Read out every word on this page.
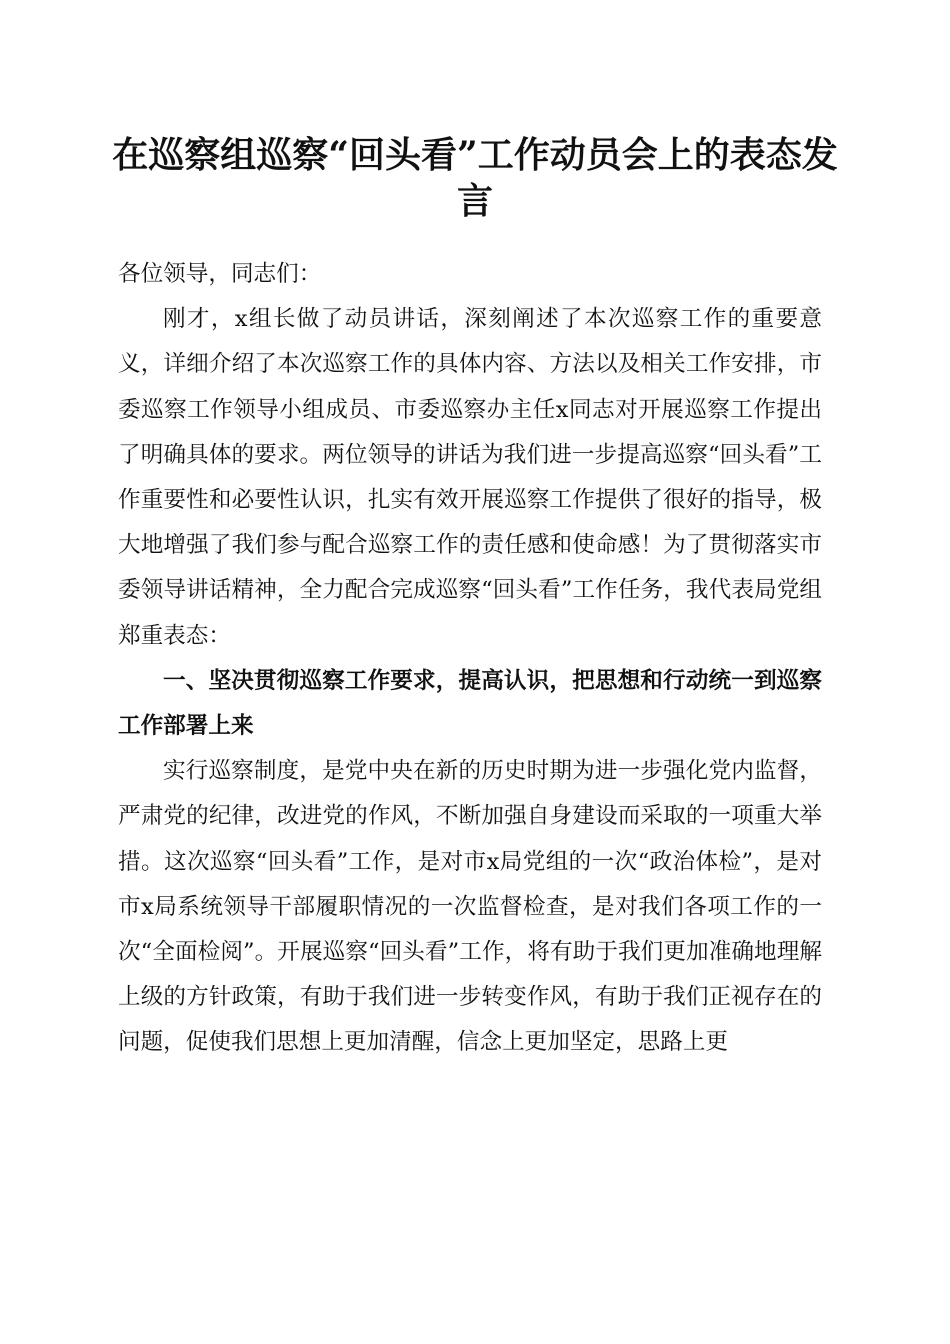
在巡察组巡察“回头看”工作动员会上的表态发言

各位领导，同志们：

刚才，x组长做了动员讲话，深刻阐述了本次巡察工作的重要意义，详细介绍了本次巡察工作的具体内容、方法以及相关工作安排，市委巡察工作领导小组成员、市委巡察办主任x同志对开展巡察工作提出了明确具体的要求。两位领导的讲话为我们进一步提高巡察“回头看”工作重要性和必要性认识，扎实有效开展巡察工作提供了很好的指导，极大地增强了我们参与配合巡察工作的责任感和使命感！为了贯彻落实市委领导讲话精神，全力配合完成巡察“回头看”工作任务，我代表局党组郑重表态：

一、坚决贯彻巡察工作要求，提高认识，把思想和行动统一到巡察工作部署上来

实行巡察制度，是党中央在新的历史时期为进一步强化党内监督，严肃党的纪律，改进党的作风，不断加强自身建设而采取的一项重大举措。这次巡察“回头看”工作，是对市x局党组的一次“政治体检”，是对市x局系统领导干部履职情况的一次监督检查，是对我们各项工作的一次“全面检阅”。开展巡察“回头看”工作，将有助于我们更加准确地理解上级的方针政策，有助于我们进一步转变作风，有助于我们正视存在的问题，促使我们思想上更加清醒，信念上更加坚定，思路上更
